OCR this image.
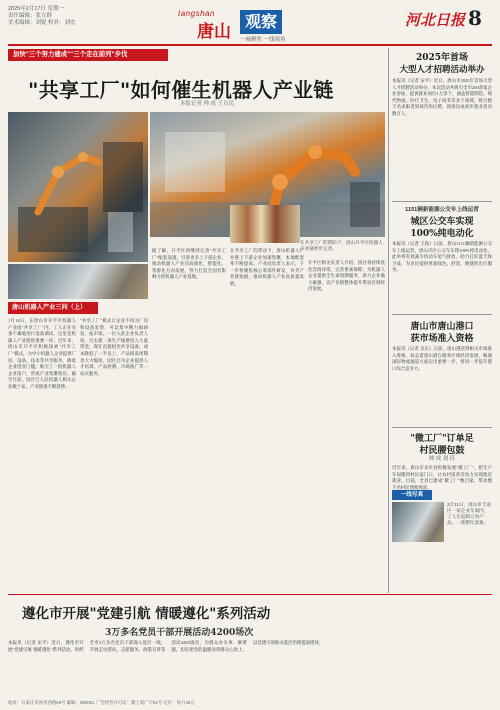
2025年2月17日 星期一
责任编辑：张立群
美术编辑：刘锐 校对：刘宏
tangshan
唐山
观察
一城聚焦 一线视角
河北日报 8
加快"三个努力建成""三个走在前列"步伐
"共享工厂"如何催生机器人产业链
本报记者 帅 成 王育民
在共享工厂的帮助下，唐山开平区机器人产业链逐步完善。
唐山机器人产业三问（上）
1月14日，在唐山市开平区机器人产业园"共享工厂"内，工人正在有条不紊地进行设备调试。这里是机器人产业链的重要一环。近年来，唐山市开平区积极探索"共享工厂"模式，为中小机器人企业提供厂房、设备、技术等共享服务，降低企业创业门槛，吸引了一批机器人企业落户，形成产业集聚效应。截至目前，园区已入驻机器人相关企业数十家，产业链条不断延伸。
"共享工厂"模式让企业不再为厂房和设备发愁，可以集中精力搞研发、拓市场。一位入驻企业负责人说，过去建一条生产线要投入大量资金，现在直接租用共享设备，成本降低了一半以上，产品研发周期也大大缩短。园区还为企业提供人才培训、产品检测、市场推广等一站式服务。
据了解，开平区将继续完善"共享工厂"配套设施，引进更多上下游企业，推动机器人产业向高端化、智能化、集群化方向发展，努力打造全国有影响力的机器人产业基地。
在共享工厂的带动下，唐山机器人产业链上下游企业加速集聚，本地配套率不断提高。产业园负责人表示，下一步将聚焦核心零部件研发，补齐产业链短板，推动机器人产业高质量发展。
开平区相关负责人介绍，园区将持续优化营商环境，完善要素保障，为机器人企业提供全生命周期服务，助力企业做大做强，以产业链整体提升带动区域经济发展。
2025年首场
大型人才招聘活动举办
本报讯（记者 宋平）近日，唐山市2025年首场大型人才招聘活动举办。本次活动共吸引全市200余家企业参加，提供就业岗位1万余个，涵盖智能制造、现代物流、医疗卫生、电子商务等多个领域，吸引数千名求职者到场咨询应聘，现场达成初步就业意向数百人。
1151辆新能源公交车上线运营
城区公交车实现
100%纯电动化
本报讯（记者 王海）日前，唐山1151辆新能源公交车上线运营，唐山市区公交车实现100%纯电动化。此举将有效减少机动车尾气排放，助力打好蓝天保卫战，为市民提供更加绿色、舒适、便捷的出行服务。
唐山市唐山港口
获市场准入资格
本报讯（记者 吴东）日前，唐山港获得相关市场准入资格，标志着唐山港在服务区域经济发展、畅通国际物流通道方面迈出重要一步，将进一步提升港口综合竞争力。
"微工厂"订单足
村民腰包鼓
帅 成 刘 佳
近年来，唐山市乐亭县积极发展"微工厂"，把生产车间搬到村民家门口，让农村富余劳动力实现就近就业。目前，全县已建成"微工厂"数百家，带动数千名村民增收致富。
一线写真
2月11日，唐山市丰南区一家企业车间内，工人在赶制订单产品，一派繁忙景象。
遵化市开展"党建引航 情暖遵化"系列活动
3万多名党员干部开展活动4200场次
本报讯（记者 宋平）近日，遵化市开展"党建引航 情暖遵化"系列活动，组织全市3万多名党员干部深入基层一线，开展走访慰问、志愿服务、政策宣讲等活动4200场次，为群众办实事、解难题，切实把党的温暖送到群众心坎上，以党建引领推动基层治理提质增效。
地址：石家庄市裕华西路66号 邮编：050051 广告经营许可证：冀工商广字01号 定价：每月45元
